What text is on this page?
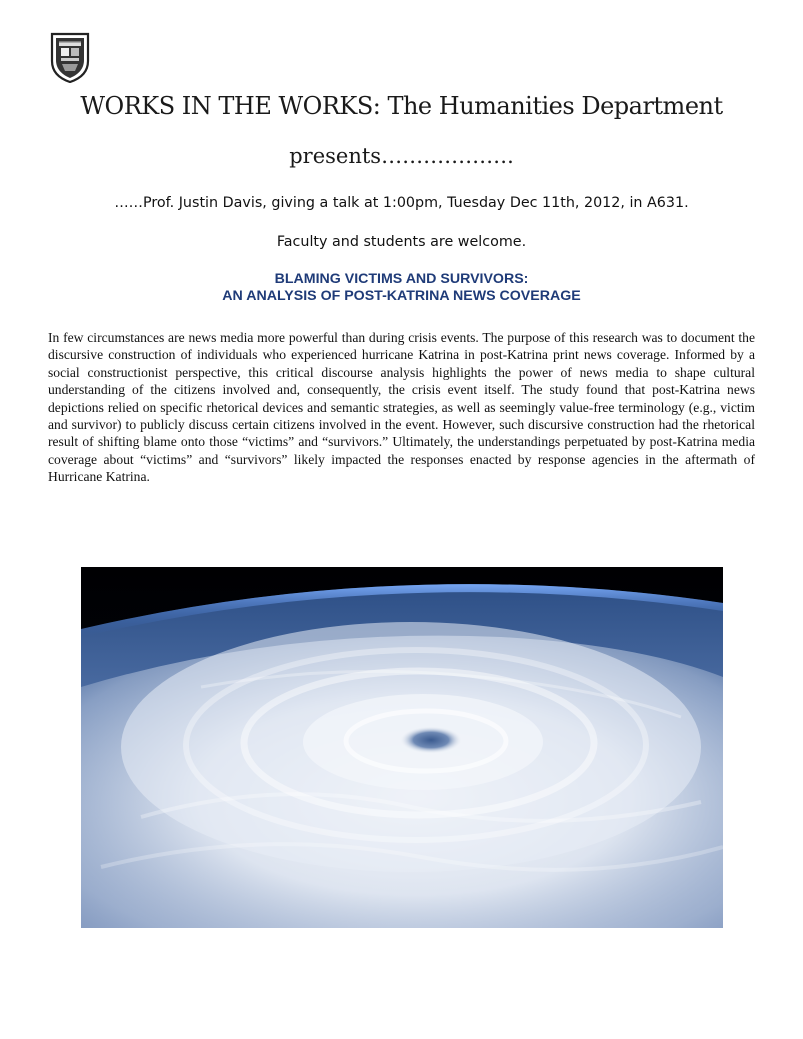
WORKS IN THE WORKS: The Humanities Department
presents……………….
……Prof. Justin Davis, giving a talk at 1:00pm, Tuesday Dec 11th, 2012, in A631.
Faculty and students are welcome.
BLAMING VICTIMS AND SURVIVORS:
AN ANALYSIS OF POST-KATRINA NEWS COVERAGE

In few circumstances are news media more powerful than during crisis events. The purpose of this research was to document the discursive construction of individuals who experienced hurricane Katrina in post-Katrina print news coverage. Informed by a social constructionist perspective, this critical discourse analysis highlights the power of news media to shape cultural understanding of the citizens involved and, consequently, the crisis event itself. The study found that post-Katrina news depictions relied on specific rhetorical devices and semantic strategies, as well as seemingly value-free terminology (e.g., victim and survivor) to publicly discuss certain citizens involved in the event. However, such discursive construction had the rhetorical result of shifting blame onto those “victims” and “survivors.” Ultimately, the understandings perpetuated by post-Katrina media coverage about “victims” and “survivors” likely impacted the responses enacted by response agencies in the aftermath of Hurricane Katrina.
